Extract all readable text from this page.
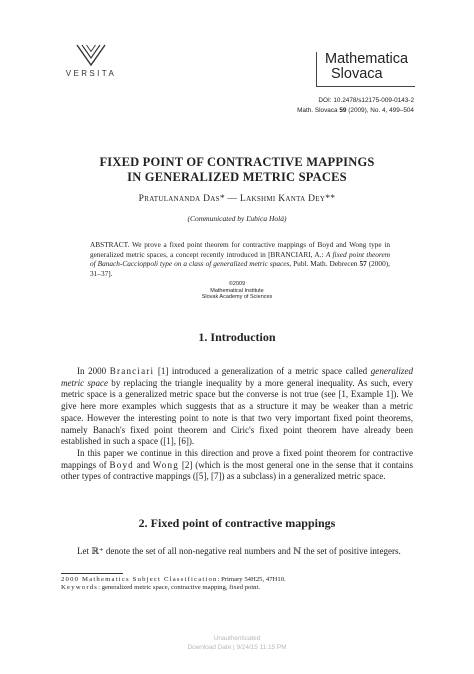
VERSITA
Mathematica
Slovaca
DOI: 10.2478/s12175-009-0143-2
Math. Slovaca 59 (2009), No. 4, 499–504
FIXED POINT OF CONTRACTIVE MAPPINGS
IN GENERALIZED METRIC SPACES
Pratulananda Das* — Lakshmi Kanta Dey**
(Communicated by Ľubica Holá)
ABSTRACT. We prove a fixed point theorem for contractive mappings of Boyd and Wong type in generalized metric spaces, a concept recently introduced in [BRANCIARI, A.: A fixed point theorem of Banach-Caccioppoli type on a class of generalized metric spaces, Publ. Math. Debrecen 57 (2000), 31–37].
©2009
Mathematical Institute
Slovak Academy of Sciences
1. Introduction

In 2000 Branciari [1] introduced a generalization of a metric space called generalized metric space by replacing the triangle inequality by a more general inequality. As such, every metric space is a generalized metric space but the converse is not true (see [1, Example 1]). We give here more examples which suggests that as a structure it may be weaker than a metric space. However the interesting point to note is that two very important fixed point theorems, namely Banach's fixed point theorem and Ciric's fixed point theorem have already been established in such a space ([1], [6]).

In this paper we continue in this direction and prove a fixed point theorem for contractive mappings of Boyd and Wong [2] (which is the most general one in the sense that it contains other types of contractive mappings ([5], [7]) as a subclass) in a generalized metric space.

2. Fixed point of contractive mappings

Let ℝ⁺ denote the set of all non-negative real numbers and ℕ the set of positive integers.

2000 Mathematics Subject Classification: Primary 54H25, 47H10.
Keywords: generalized metric space, contractive mapping, fixed point.
Unauthenticated
Download Date | 9/24/15 11:15 PM
